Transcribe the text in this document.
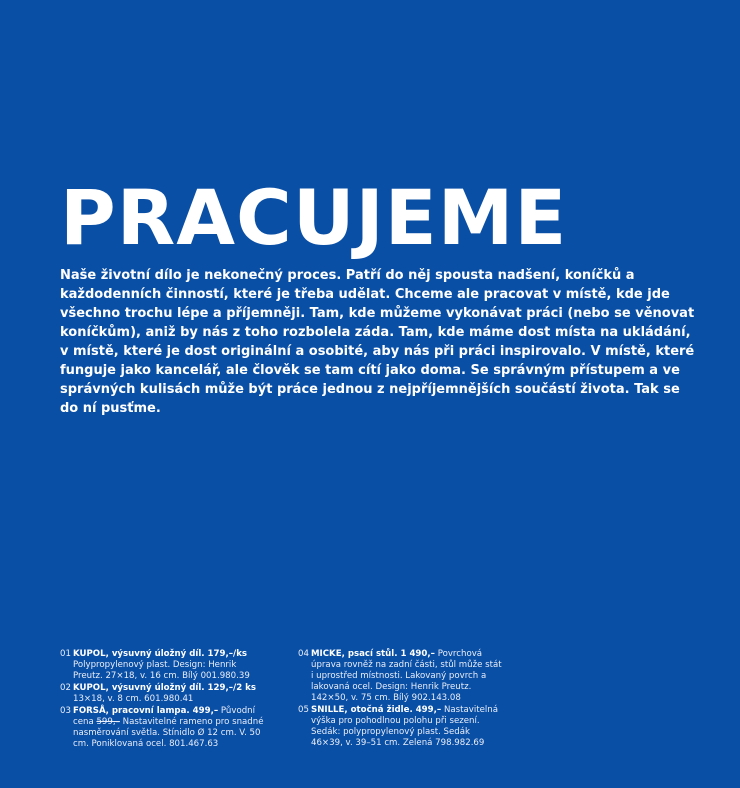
PRACUJEME

Naše životní dílo je nekonečný proces. Patří do něj spousta nadšení, koníčků a každodenních činností, které je třeba udělat. Chceme ale pracovat v místě, kde jde všechno trochu lépe a příjemněji. Tam, kde můžeme vykonávat práci (nebo se věnovat koníčkům), aniž by nás z toho rozbolela záda. Tam, kde máme dost místa na ukládání, v místě, které je dost originální a osobité, aby nás při práci inspirovalo. V místě, které funguje jako kancelář, ale člověk se tam cítí jako doma. Se správným přístupem a ve správných kulisách může být práce jednou z nejpříjemnějších součástí života. Tak se do ní pusťme.

01 KUPOL, výsuvný úložný díl. 179,–/ks Polypropylenový plast. Design: Henrik Preutz. 27×18, v. 16 cm. Bílý 001.980.39
02 KUPOL, výsuvný úložný díl. 129,–/2 ks 13×18, v. 8 cm. 601.980.41
03 FORSÅ, pracovní lampa. 499,– Původní cena 599,– Nastavitelné rameno pro snadné nasměrování světla. Stínidlo Ø 12 cm. V. 50 cm. Poniklovaná ocel. 801.467.63
04 MICKE, psací stůl. 1 490,– Povrchová úprava rovněž na zadní části, stůl může stát i uprostřed místnosti. Lakovaný povrch a lakovaná ocel. Design: Henrik Preutz. 142×50, v. 75 cm. Bílý 902.143.08
05 SNILLE, otočná židle. 499,– Nastavitelná výška pro pohodlnou polohu při sezení. Sedák: polypropylenový plast. Sedák 46×39, v. 39–51 cm. Zelená 798.982.69
